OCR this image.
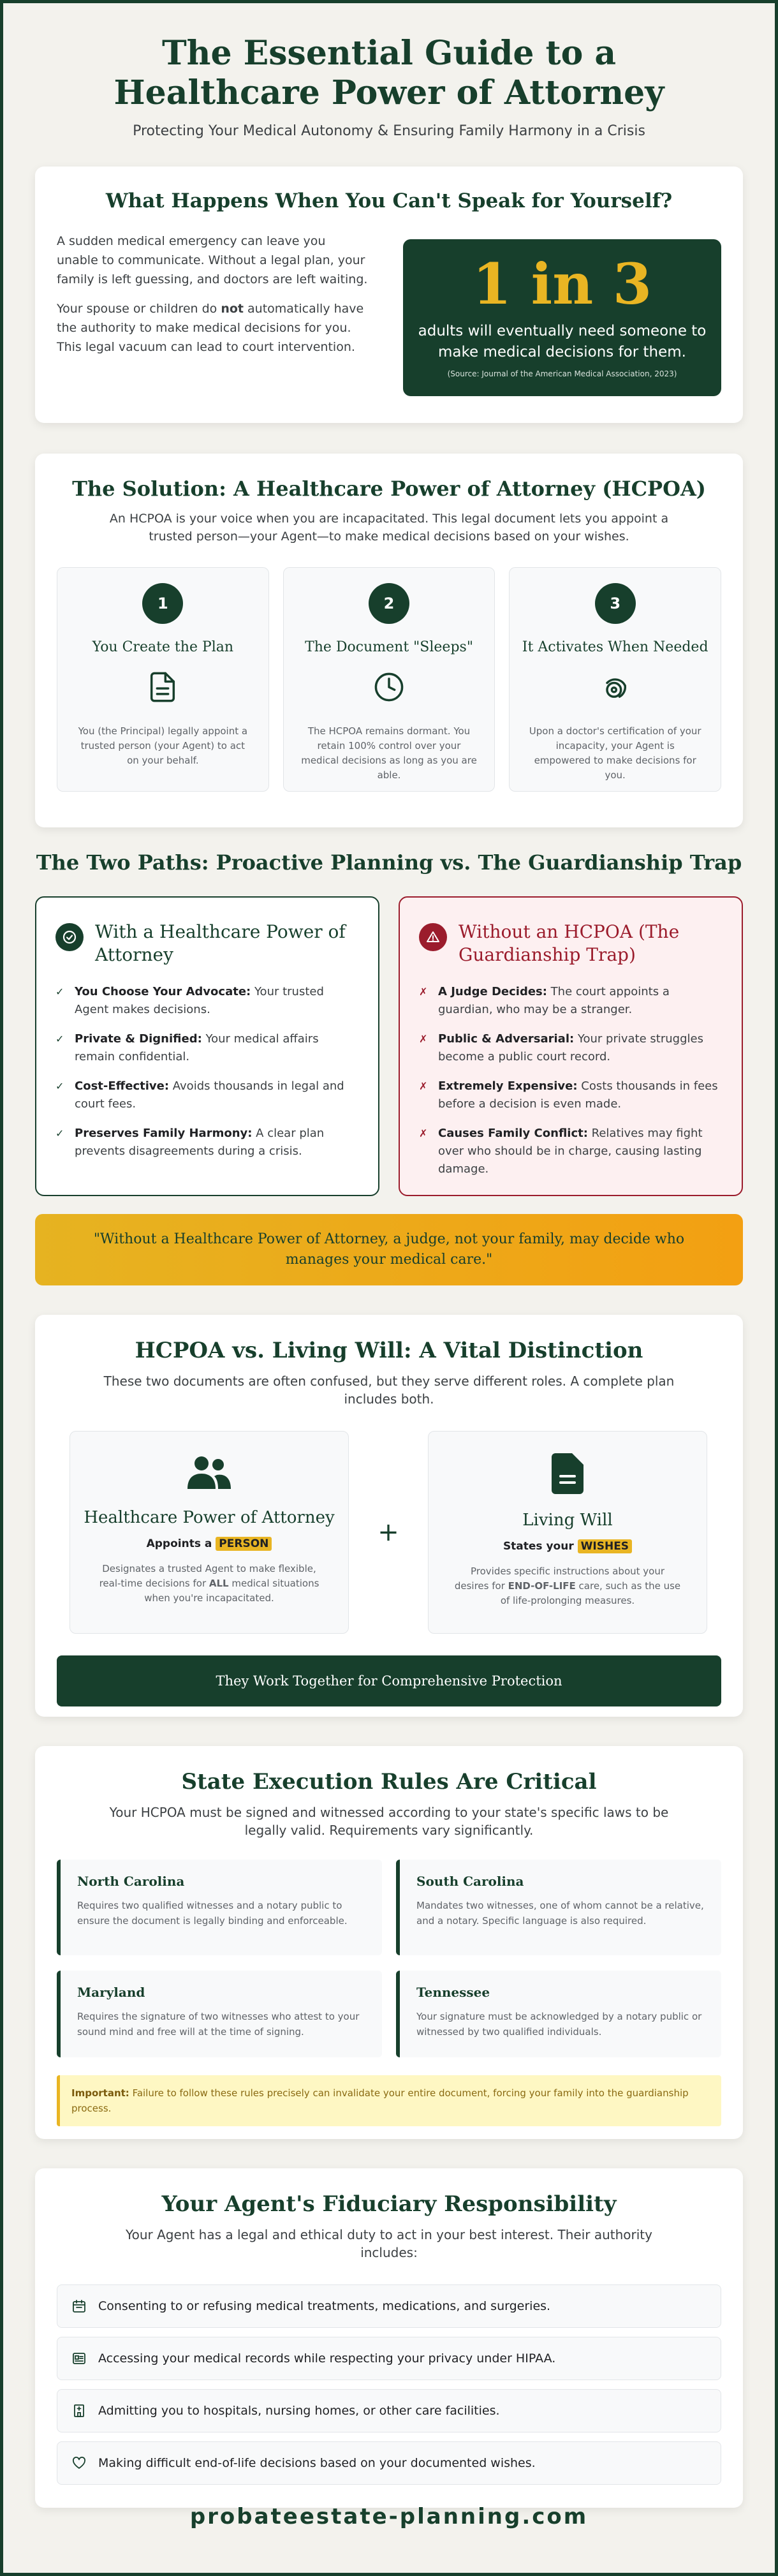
The Essential Guide to a Healthcare Power of Attorney

Protecting Your Medical Autonomy & Ensuring Family Harmony in a Crisis

What Happens When You Can't Speak for Yourself?

A sudden medical emergency can leave you unable to communicate. Without a legal plan, your family is left guessing, and doctors are left waiting.

Your spouse or children do not automatically have the authority to make medical decisions for you. This legal vacuum can lead to court intervention.

1 in 3
adults will eventually need someone to make medical decisions for them.
(Source: Journal of the American Medical Association, 2023)
The Solution: A Healthcare Power of Attorney (HCPOA)

An HCPOA is your voice when you are incapacitated. This legal document lets you appoint a trusted person—your Agent—to make medical decisions based on your wishes.

1
You Create the Plan
You (the Principal) legally appoint a trusted person (your Agent) to act on your behalf.
2
The Document "Sleeps"
The HCPOA remains dormant. You retain 100% control over your medical decisions as long as you are able.
3
It Activates When Needed
Upon a doctor's certification of your incapacity, your Agent is empowered to make decisions for you.
The Two Paths: Proactive Planning vs. The Guardianship Trap
With a Healthcare Power of Attorney
✓ You Choose Your Advocate: Your trusted Agent makes decisions.
✓ Private & Dignified: Your medical affairs remain confidential.
✓ Cost-Effective: Avoids thousands in legal and court fees.
✓ Preserves Family Harmony: A clear plan prevents disagreements during a crisis.
Without an HCPOA (The Guardianship Trap)
✗ A Judge Decides: The court appoints a guardian, who may be a stranger.
✗ Public & Adversarial: Your private struggles become a public court record.
✗ Extremely Expensive: Costs thousands in fees before a decision is even made.
✗ Causes Family Conflict: Relatives may fight over who should be in charge, causing lasting damage.
"Without a Healthcare Power of Attorney, a judge, not your family, may decide who manages your medical care."
HCPOA vs. Living Will: A Vital Distinction

These two documents are often confused, but they serve different roles. A complete plan includes both.

Healthcare Power of Attorney
Appoints a PERSON
Designates a trusted Agent to make flexible, real-time decisions for ALL medical situations when you're incapacitated.
+	Living Will
States your WISHES
Provides specific instructions about your desires for END-OF-LIFE care, such as the use of life-prolonging measures.
They Work Together for Comprehensive Protection
State Execution Rules Are Critical

Your HCPOA must be signed and witnessed according to your state's specific laws to be legally valid. Requirements vary significantly.

North Carolina
Requires two qualified witnesses and a notary public to ensure the document is legally binding and enforceable.
South Carolina
Mandates two witnesses, one of whom cannot be a relative, and a notary. Specific language is also required.
Maryland
Requires the signature of two witnesses who attest to your sound mind and free will at the time of signing.
Tennessee
Your signature must be acknowledged by a notary public or witnessed by two qualified individuals.
Important: Failure to follow these rules precisely can invalidate your entire document, forcing your family into the guardianship process.
Your Agent's Fiduciary Responsibility

Your Agent has a legal and ethical duty to act in your best interest. Their authority includes:

Consenting to or refusing medical treatments, medications, and surgeries.
Accessing your medical records while respecting your privacy under HIPAA.
Admitting you to hospitals, nursing homes, or other care facilities.
Making difficult end-of-life decisions based on your documented wishes.
probateestate-planning.com
